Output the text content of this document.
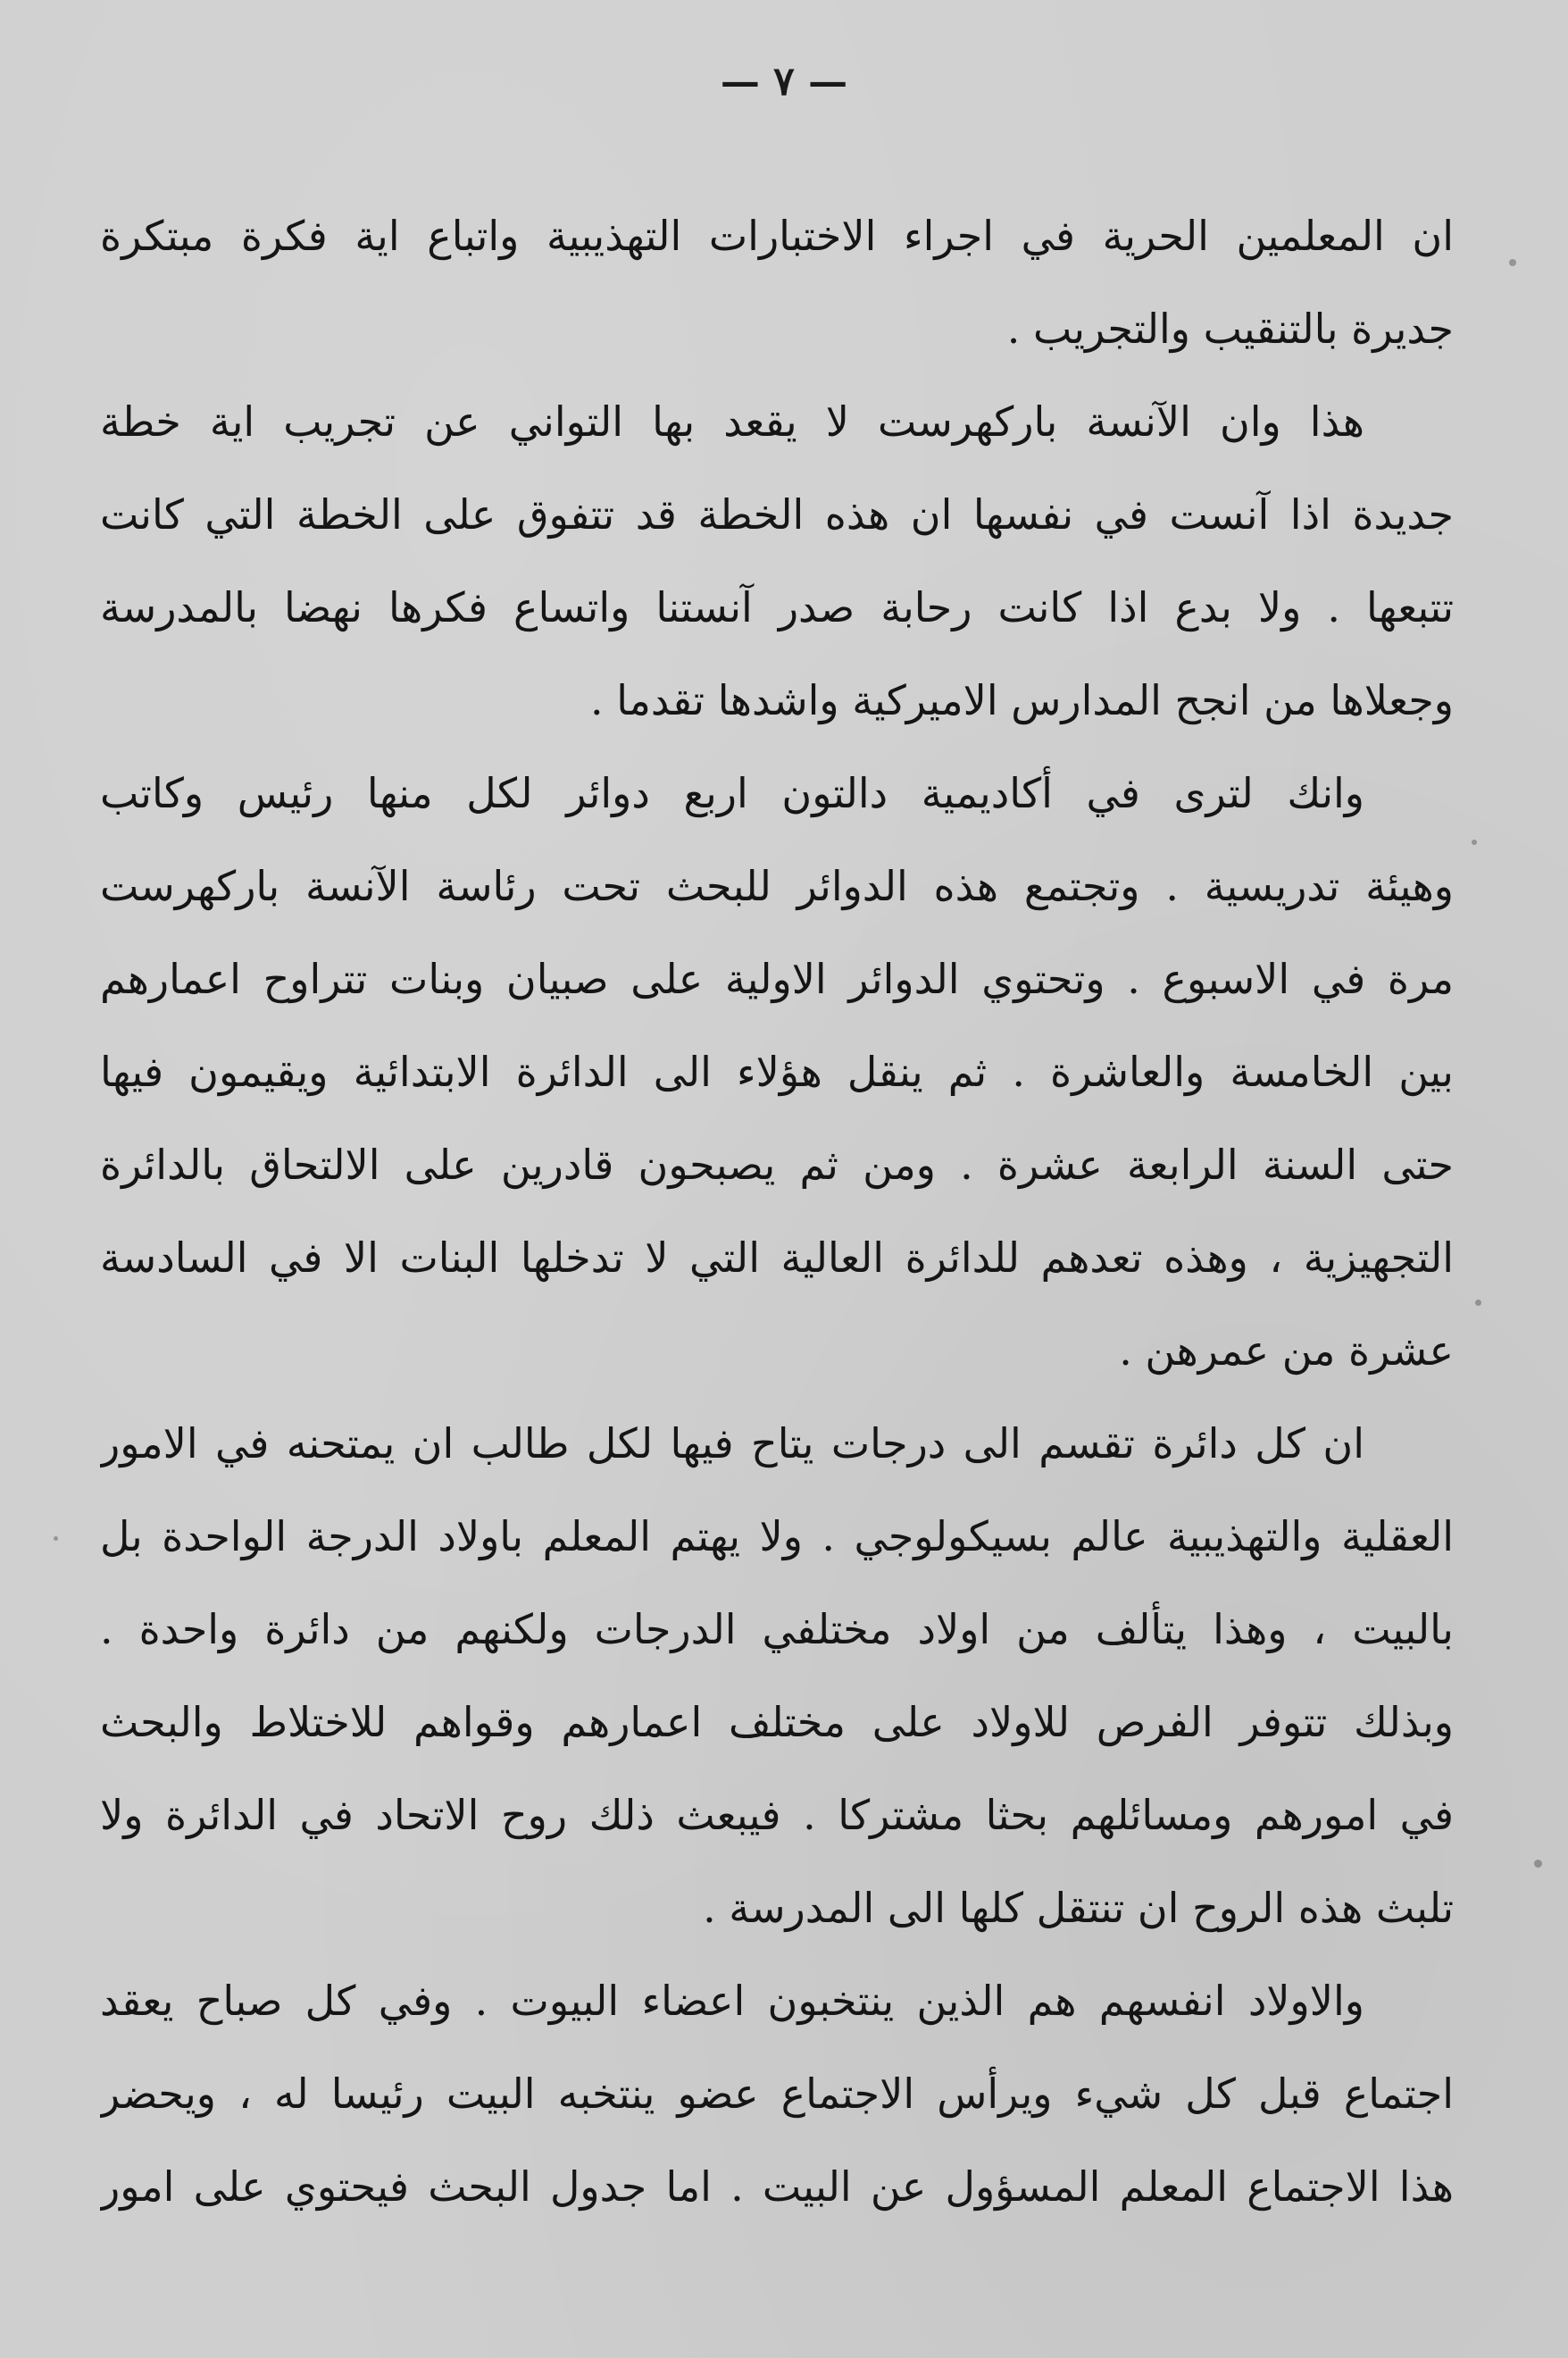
— ٧ —
ان المعلمين الحرية في اجراء الاختبارات التهذيبية واتباع اية فكرة مبتكرة
جديرة بالتنقيب والتجريب .
هذا وان الآنسة باركهرست لا يقعد بها التواني عن تجريب اية خطة
جديدة اذا آنست في نفسها ان هذه الخطة قد تتفوق على الخطة التي كانت
تتبعها . ولا بدع اذا كانت رحابة صدر آنستنا واتساع فكرها نهضا بالمدرسة
وجعلاها من انجح المدارس الاميركية واشدها تقدما .
وانك لترى في أكاديمية دالتون اربع دوائر لكل منها رئيس وكاتب
وهيئة تدريسية . وتجتمع هذه الدوائر للبحث تحت رئاسة الآنسة باركهرست
مرة في الاسبوع . وتحتوي الدوائر الاولية على صبيان وبنات تتراوح اعمارهم
بين الخامسة والعاشرة . ثم ينقل هؤلاء الى الدائرة الابتدائية ويقيمون فيها
حتى السنة الرابعة عشرة . ومن ثم يصبحون قادرين على الالتحاق بالدائرة
التجهيزية ، وهذه تعدهم للدائرة العالية التي لا تدخلها البنات الا في السادسة
عشرة من عمرهن .
ان كل دائرة تقسم الى درجات يتاح فيها لكل طالب ان يمتحنه في الامور
العقلية والتهذيبية عالم بسيكولوجي . ولا يهتم المعلم باولاد الدرجة الواحدة بل
بالبيت ، وهذا يتألف من اولاد مختلفي الدرجات ولكنهم من دائرة واحدة .
وبذلك تتوفر الفرص للاولاد على مختلف اعمارهم وقواهم للاختلاط والبحث
في امورهم ومسائلهم بحثا مشتركا . فيبعث ذلك روح الاتحاد في الدائرة ولا
تلبث هذه الروح ان تنتقل كلها الى المدرسة .
والاولاد انفسهم هم الذين ينتخبون اعضاء البيوت . وفي كل صباح يعقد
اجتماع قبل كل شيء ويرأس الاجتماع عضو ينتخبه البيت رئيسا له ، ويحضر
هذا الاجتماع المعلم المسؤول عن البيت . اما جدول البحث فيحتوي على امور
